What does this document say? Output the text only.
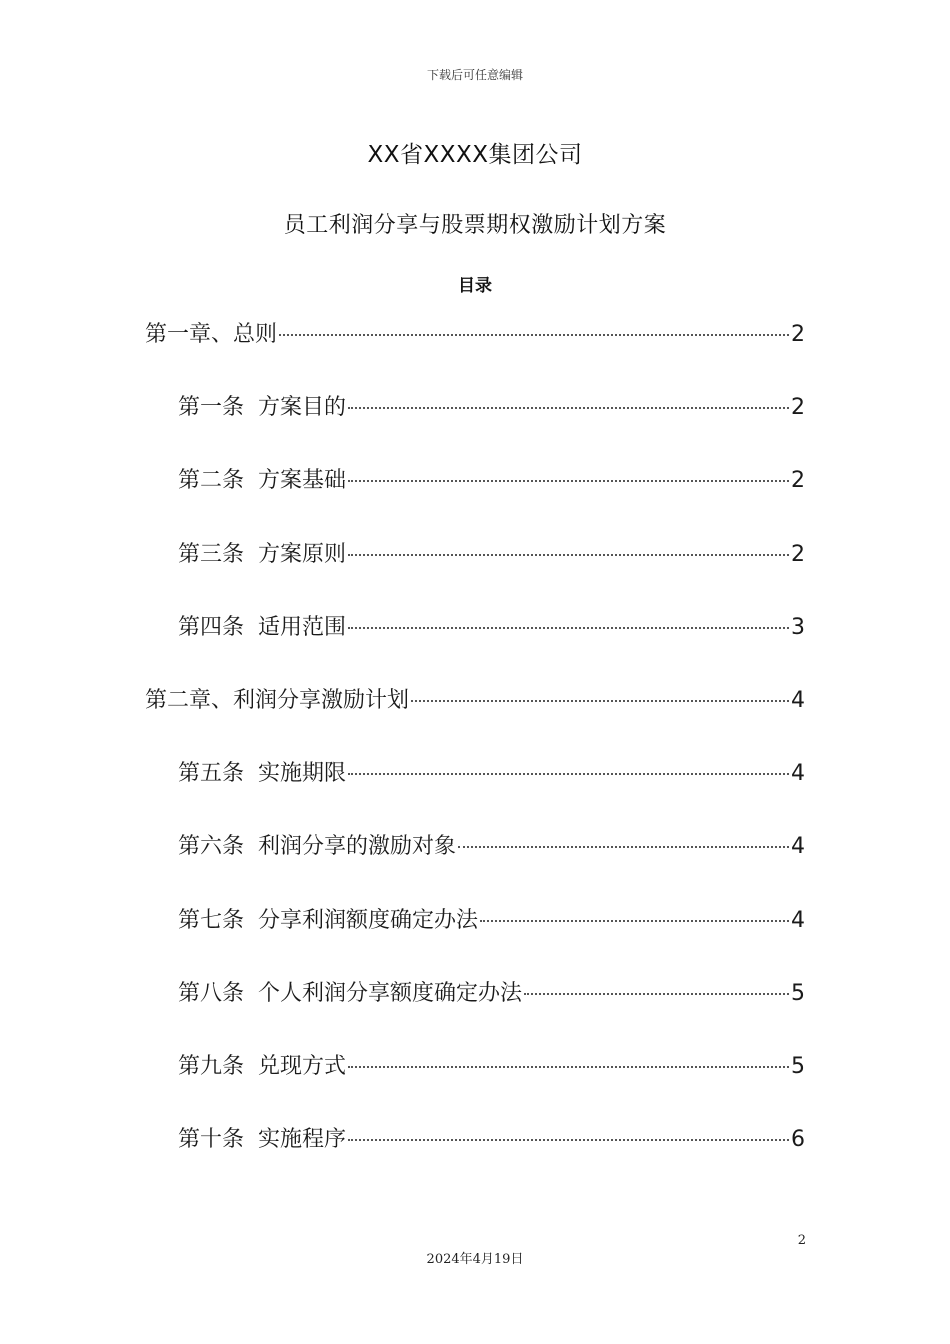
下载后可任意编辑
XX省XXXX集团公司
员工利润分享与股票期权激励计划方案
目录
第一章、总则	2
第一条 方案目的	2
第二条 方案基础	2
第三条 方案原则	2
第四条 适用范围	3
第二章、利润分享激励计划	4
第五条 实施期限	4
第六条 利润分享的激励对象	4
第七条 分享利润额度确定办法	4
第八条 个人利润分享额度确定办法	5
第九条 兑现方式	5
第十条 实施程序	6
2
2024年4月19日
